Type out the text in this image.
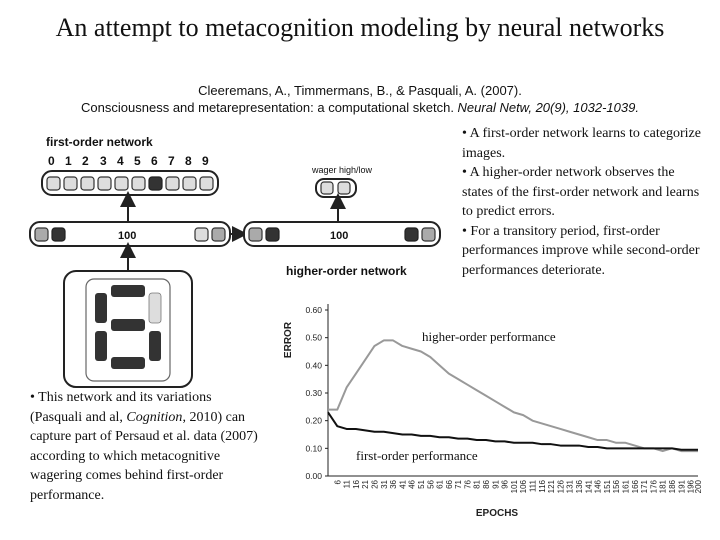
An attempt to metacognition modeling by neural networks
Cleeremans, A., Timmermans, B., & Pasquali, A. (2007).
Consciousness and metarepresentation: a computational sketch. Neural Netw, 20(9), 1032-1039.
• A first-order network learns to categorize images.
• A higher-order network observes the states of the first-order network and learns to predict errors.
• For a transitory period, first-order performances improve while second-order performances deteriorate.
• This network and its variations (Pasquali and al, Cognition, 2010) can capture part of Persaud et al. data (2007) according to which metacognitive wagering comes behind first-order performance.
first-order network
0 1 2 3 4 5 6 7 8 9
wager high/low
100	100
higher-order network
ERROR
0.00
0.10
0.20
0.30
0.40
0.50
0.60
6 11 16 21 26 31 36 41 46 51 56 61 66 71 76 81 86 91 96 101 106 111 116 121 126 131 136 141 146 151 156 161 166 171 176 181 186 191 196
200
EPOCHS
higher-order performance
first-order performance
